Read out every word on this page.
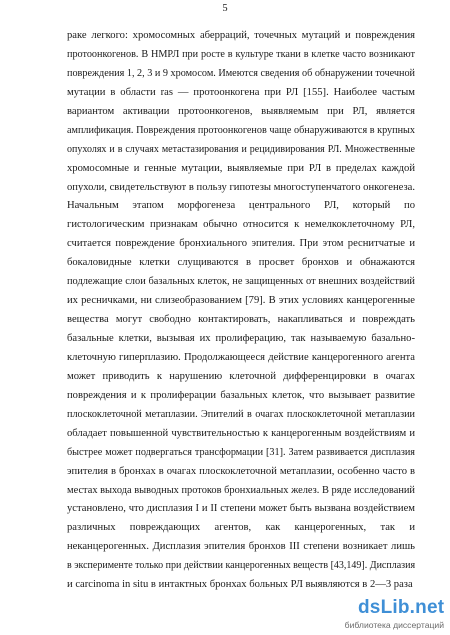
5
раке легкого: хромосомных аберраций, точечных мутаций и повреждения
протоонкогенов. В НМРЛ при росте в культуре ткани в клетке часто возникают
повреждения 1, 2, 3 и 9 хромосом. Имеются сведения об обнаружении точечной
мутации в области ras — протоонкогена при РЛ [155]. Наиболее частым
вариантом активации протоонкогенов, выявляемым при РЛ, является
амплификация. Повреждения протоонкогенов чаще обнаруживаются в крупных
опухолях и в случаях метастазирования и рецидивирования РЛ. Множественные
хромосомные и генные мутации, выявляемые при РЛ в пределах каждой
опухоли, свидетельствуют в пользу гипотезы многоступенчатого онкогенеза.
Начальным этапом морфогенеза центрального РЛ, который по
гистологическим признакам обычно относится к немелкоклеточному РЛ,
считается повреждение бронхиального эпителия. При этом реснитчатые и
бокаловидные клетки слущиваются в просвет бронхов и обнажаются
подлежащие слои базальных клеток, не защищенных от внешних воздействий
их ресничками, ни слизеобразованием [79]. В этих условиях канцерогенные
вещества могут свободно контактировать, накапливаться и повреждать
базальные клетки, вызывая их пролиферацию, так называемую базально-
клеточную гиперплазию. Продолжающееся действие канцерогенного агента
может приводить к нарушению клеточной дифференцировки в очагах
повреждения и к пролиферации базальных клеток, что вызывает развитие
плоскоклеточной метаплазии. Эпителий в очагах плоскоклеточной метаплазии
обладает повышенной чувствительностью к канцерогенным воздействиям и
быстрее может подвергаться трансформации [31]. Затем развивается дисплазия
эпителия в бронхах в очагах плоскоклеточной метаплазии, особенно часто в
местах выхода выводных протоков бронхиальных желез. В ряде исследований
установлено, что дисплазия I и II степени может быть вызвана воздействием
различных повреждающих агентов, как канцерогенных, так и
неканцерогенных. Дисплазия эпителия бронхов III степени возникает лишь
в эксперименте только при действии канцерогенных веществ [43,149]. Дисплазия
и carcinoma in situ в интактных бронхах больных РЛ выявляются в 2—3 раза
dsLib.net
библиотека диссертаций
